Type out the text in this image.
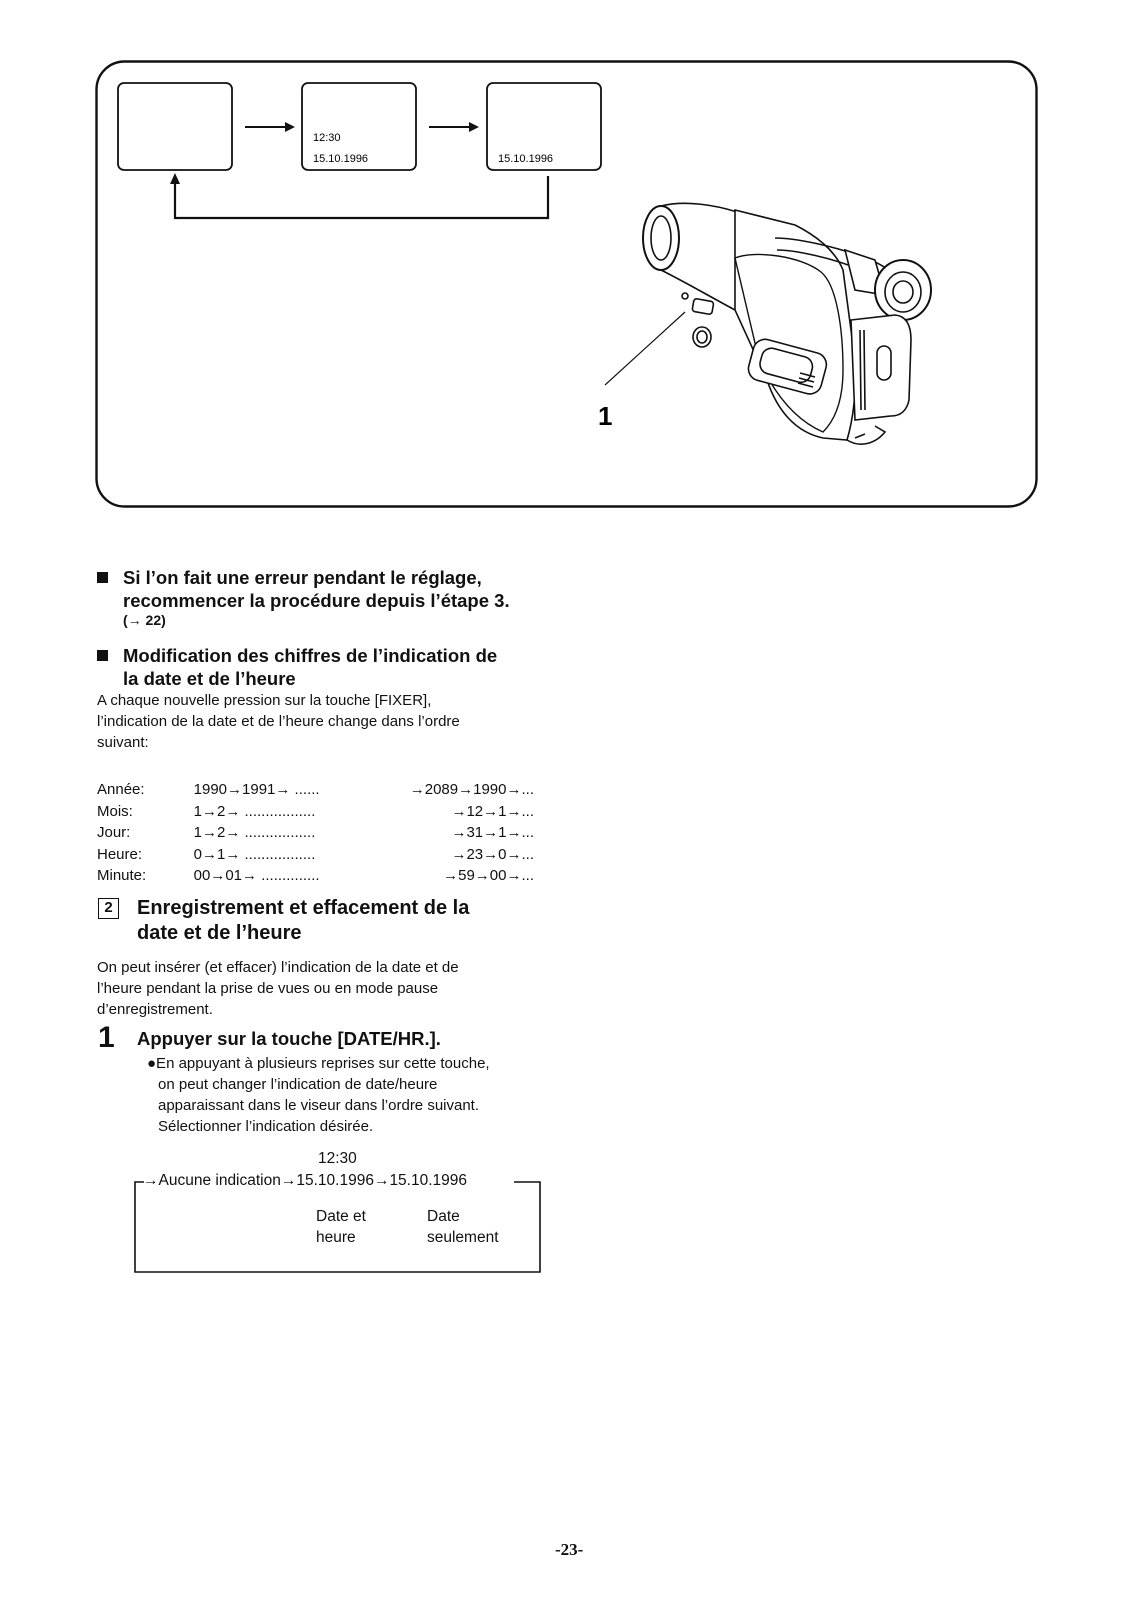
12:30
15.10.1996	15.10.1996
1
Si l’on fait une erreur pendant le réglage,
recommencer la procédure depuis l’étape 3.
(→ 22)
Modification des chiffres de l’indication de
la date et de l’heure
A chaque nouvelle pression sur la touche [FIXER],
l’indication de la date et de l’heure change dans l’ordre
suivant:
Année:	1990→1991→ ......	→2089→1990→...
Mois:	1→2→ .................	→12→1→...
Jour:	1→2→ .................	→31→1→...
Heure:	0→1→ .................	→23→0→...
Minute:	00→01→ ..............	→59→00→...
2	Enregistrement et effacement de la
date et de l’heure
On peut insérer (et effacer) l’indication de la date et de
l’heure pendant la prise de vues ou en mode pause
d’enregistrement.
1 Appuyer sur la touche [DATE/HR.].
●En appuyant à plusieurs reprises sur cette touche,
on peut changer l’indication de date/heure
apparaissant dans le viseur dans l’ordre suivant.
Sélectionner l’indication désirée.
12:30
→Aucune indication→15.10.1996→15.10.1996
Date et
heure
Date
seulement
-23-
